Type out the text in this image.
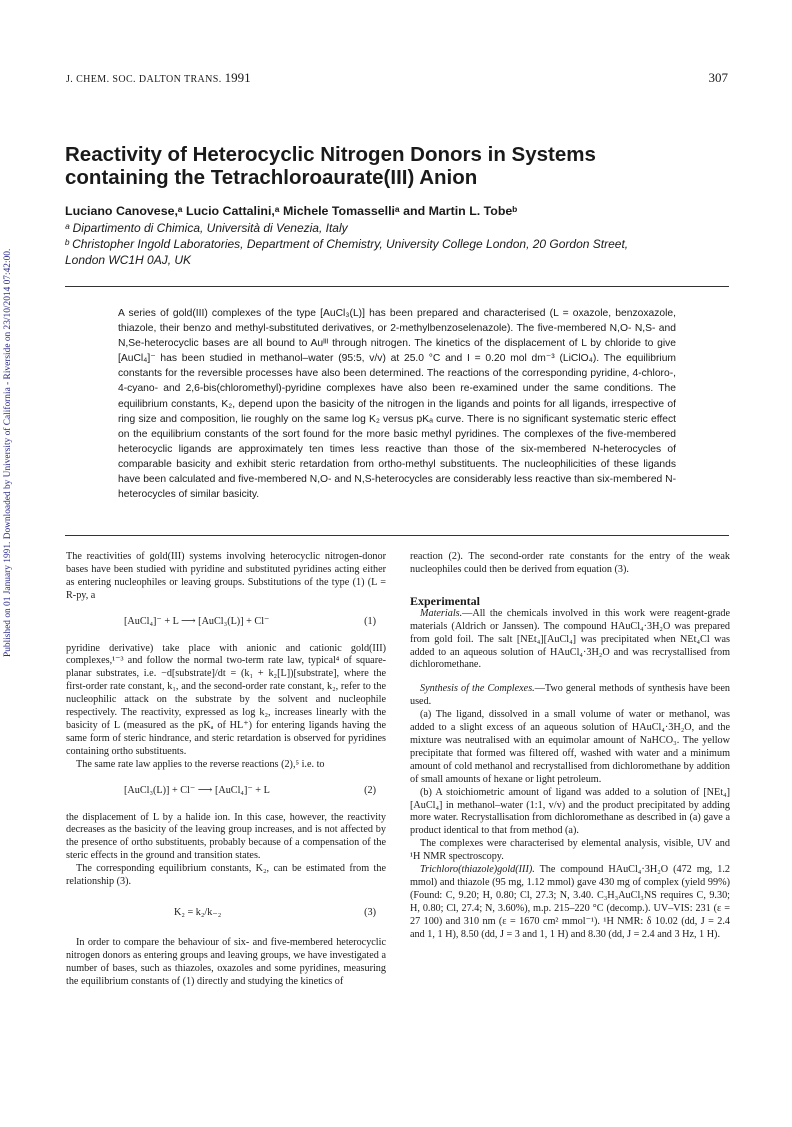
Published on 01 January 1991. Downloaded by University of California - Riverside on 23/10/2014 07:42:00.
J. CHEM. SOC. DALTON TRANS. 1991	307
Reactivity of Heterocyclic Nitrogen Donors in Systems
containing the Tetrachloroaurate(III) Anion
Luciano Canovese,ᵃ Lucio Cattalini,ᵃ Michele Tomasselliᵃ and Martin L. Tobeᵇ
ᵃ Dipartimento di Chimica, Università di Venezia, Italy
ᵇ Christopher Ingold Laboratories, Department of Chemistry, University College London, 20 Gordon Street,
London WC1H 0AJ, UK

A series of gold(III) complexes of the type [AuCl₃(L)] has been prepared and characterised (L = oxazole, benzoxazole, thiazole, their benzo and methyl-substituted derivatives, or 2-methylbenzoselenazole). The five-membered N,O- N,S- and N,Se-heterocyclic bases are all bound to Auᴵᴵᴵ through nitrogen. The kinetics of the displacement of L by chloride to give [AuCl₄]⁻ has been studied in methanol–water (95:5, v/v) at 25.0 °C and I = 0.20 mol dm⁻³ (LiClO₄). The equilibrium constants for the reversible processes have also been determined. The reactions of the corresponding pyridine, 4-chloro-, 4-cyano- and 2,6-bis(chloromethyl)-pyridine complexes have also been re-examined under the same conditions. The equilibrium constants, K₂, depend upon the basicity of the nitrogen in the ligands and points for all ligands, irrespective of ring size and composition, lie roughly on the same log K₂ versus pKₐ curve. There is no significant systematic steric effect on the equilibrium constants of the sort found for the more basic methyl pyridines. The complexes of the five-membered heterocyclic ligands are approximately ten times less reactive than those of the six-membered N-heterocycles of comparable basicity and exhibit steric retardation from ortho-methyl substituents. The nucleophilicities of these ligands have been calculated and five-membered N,O- and N,S-heterocycles are considerably less reactive than six-membered N-heterocycles of similar basicity.

The reactivities of gold(III) systems involving heterocyclic nitrogen-donor bases have been studied with pyridine and substituted pyridines acting either as entering nucleophiles or leaving groups. Substitutions of the type (1) (L = R-py, a

[AuCl₄]⁻ + L ⟶ [AuCl₃(L)] + Cl⁻	(1)

pyridine derivative) take place with anionic and cationic gold(III) complexes,¹⁻³ and follow the normal two-term rate law, typical⁴ of square-planar substrates, i.e. −d[substrate]/dt = (k₁ + k₂[L])[substrate], where the first-order rate constant, k₁, and the second-order rate constant, k₂, refer to the nucleophilic attack on the substrate by the solvent and nucleophile respectively. The reactivity, expressed as log k₂, increases linearly with the basicity of L (measured as the pKₐ of HL⁺) for entering ligands having the same form of steric hindrance, and steric retardation is observed for pyridines containing ortho substituents.

The same rate law applies to the reverse reactions (2),⁵ i.e. to

[AuCl₃(L)] + Cl⁻ ⟶ [AuCl₄]⁻ + L	(2)

the displacement of L by a halide ion. In this case, however, the reactivity decreases as the basicity of the leaving group increases, and is not affected by the presence of ortho substituents, probably because of a compensation of the steric effects in the ground and transition states.

The corresponding equilibrium constants, K₂, can be estimated from the relationship (3).

K₂ = k₂/k₋₂	(3)

In order to compare the behaviour of six- and five-membered heterocyclic nitrogen donors as entering groups and leaving groups, we have investigated a number of bases, such as thiazoles, oxazoles and some pyridines, measuring the equilibrium constants of (1) directly and studying the kinetics of

reaction (2). The second-order rate constants for the entry of the weak nucleophiles could then be derived from equation (3).

Experimental

Materials.—All the chemicals involved in this work were reagent-grade materials (Aldrich or Janssen). The compound HAuCl₄·3H₂O was prepared from gold foil. The salt [NEt₄][AuCl₄] was precipitated when NEt₄Cl was added to an aqueous solution of HAuCl₄·3H₂O and was recrystallised from dichloromethane.

Synthesis of the Complexes.—Two general methods of synthesis have been used.

(a) The ligand, dissolved in a small volume of water or methanol, was added to a slight excess of an aqueous solution of HAuCl₄·3H₂O, and the mixture was neutralised with an equimolar amount of NaHCO₃. The yellow precipitate that formed was filtered off, washed with water and a minimum amount of cold methanol and recrystallised from dichloromethane by addition of small amounts of hexane or light petroleum.

(b) A stoichiometric amount of ligand was added to a solution of [NEt₄][AuCl₄] in methanol–water (1:1, v/v) and the product precipitated by adding more water. Recrystallisation from dichloromethane as described in (a) gave a product identical to that from method (a).

The complexes were characterised by elemental analysis, visible, UV and ¹H NMR spectroscopy.

Trichloro(thiazole)gold(III). The compound HAuCl₄·3H₂O (472 mg, 1.2 mmol) and thiazole (95 mg, 1.12 mmol) gave 430 mg of complex (yield 99%) (Found: C, 9.20; H, 0.80; Cl, 27.3; N, 3.40. C₃H₃AuCl₃NS requires C, 9.30; H, 0.80; Cl, 27.4; N, 3.60%), m.p. 215–220 °C (decomp.). UV–VIS: 231 (ε = 27 100) and 310 nm (ε = 1670 cm² mmol⁻¹). ¹H NMR: δ 10.02 (dd, J = 2.4 and 1, 1 H), 8.50 (dd, J = 3 and 1, 1 H) and 8.30 (dd, J = 2.4 and 3 Hz, 1 H).
